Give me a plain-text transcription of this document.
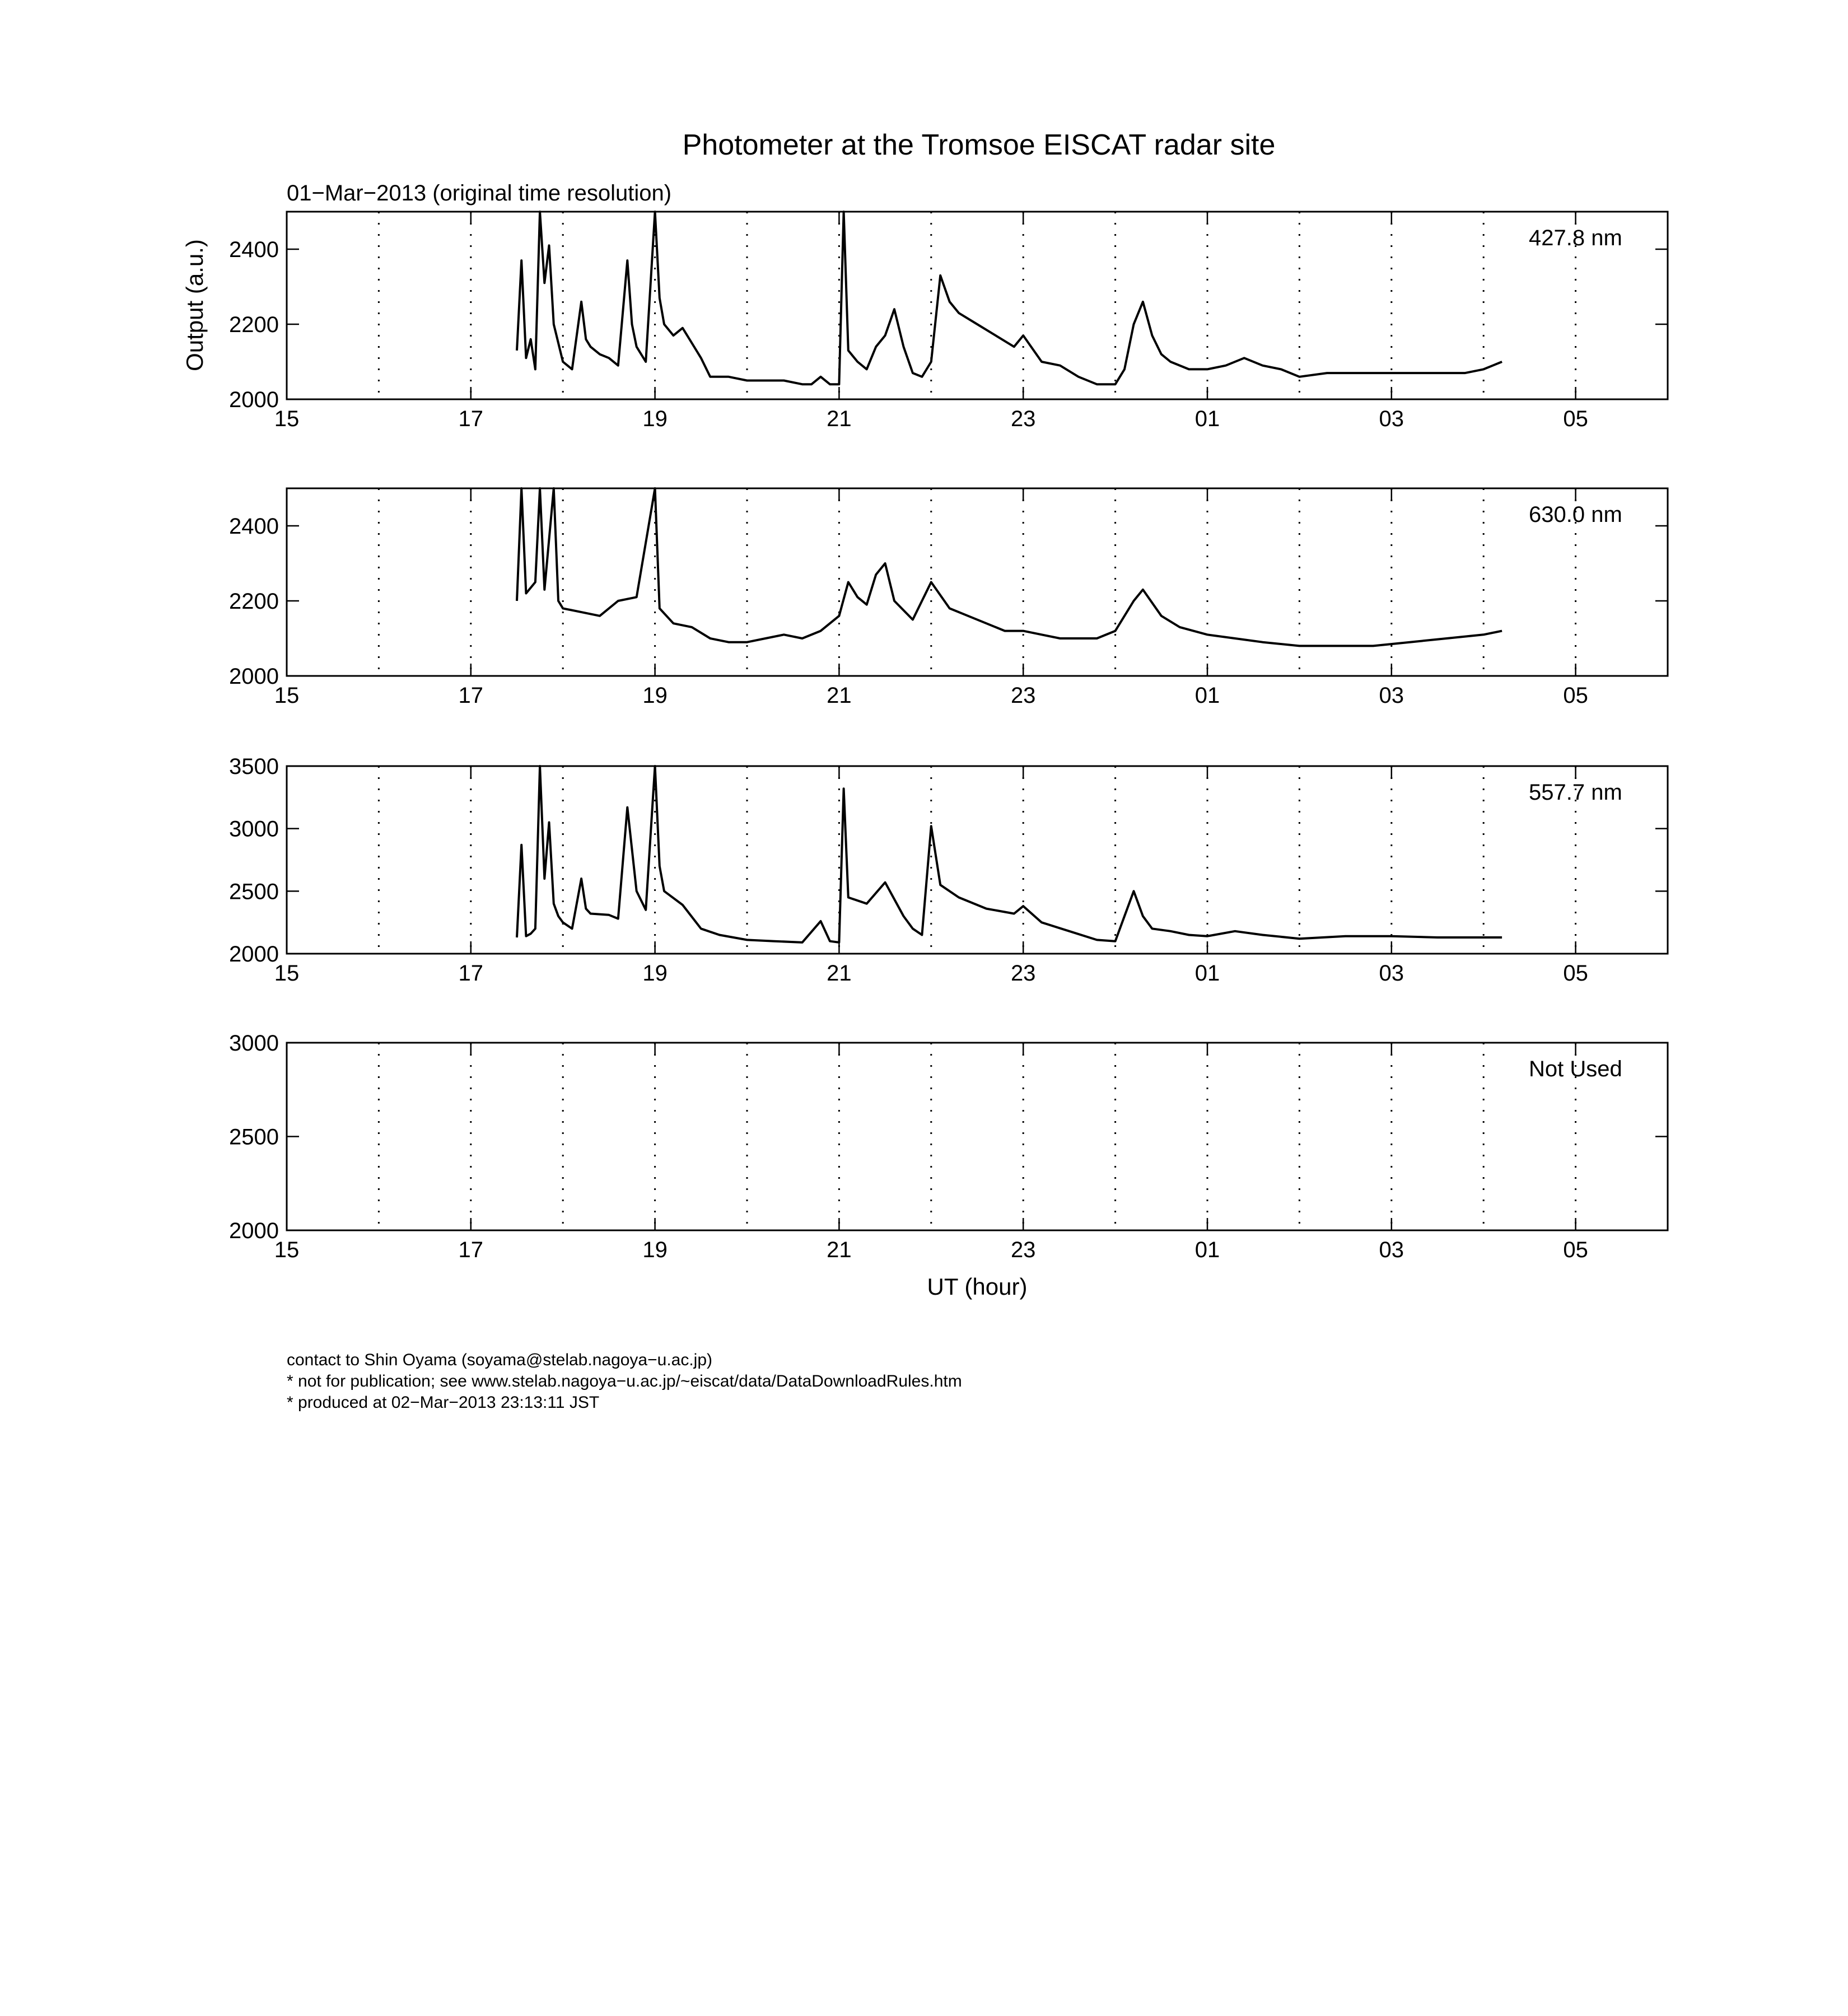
Photometer at the Tromsoe EISCAT radar site
01−Mar−2013 (original time resolution)
Output (a.u.)
UT (hour)
contact to Shin Oyama (soyama@stelab.nagoya−u.ac.jp)
* not for publication; see www.stelab.nagoya−u.ac.jp/~eiscat/data/DataDownloadRules.htm
* produced at 02−Mar−2013 23:13:11 JST
2000
2200
2400
15	17	19	21	23	01	03	05
427.8 nm
2000
2200
2400
15	17	19	21	23	01	03	05
630.0 nm
2000
2500
3000
3500
15	17	19	21	23	01	03	05
557.7 nm
2000
2500
3000
15	17	19	21	23	01	03	05
Not Used
